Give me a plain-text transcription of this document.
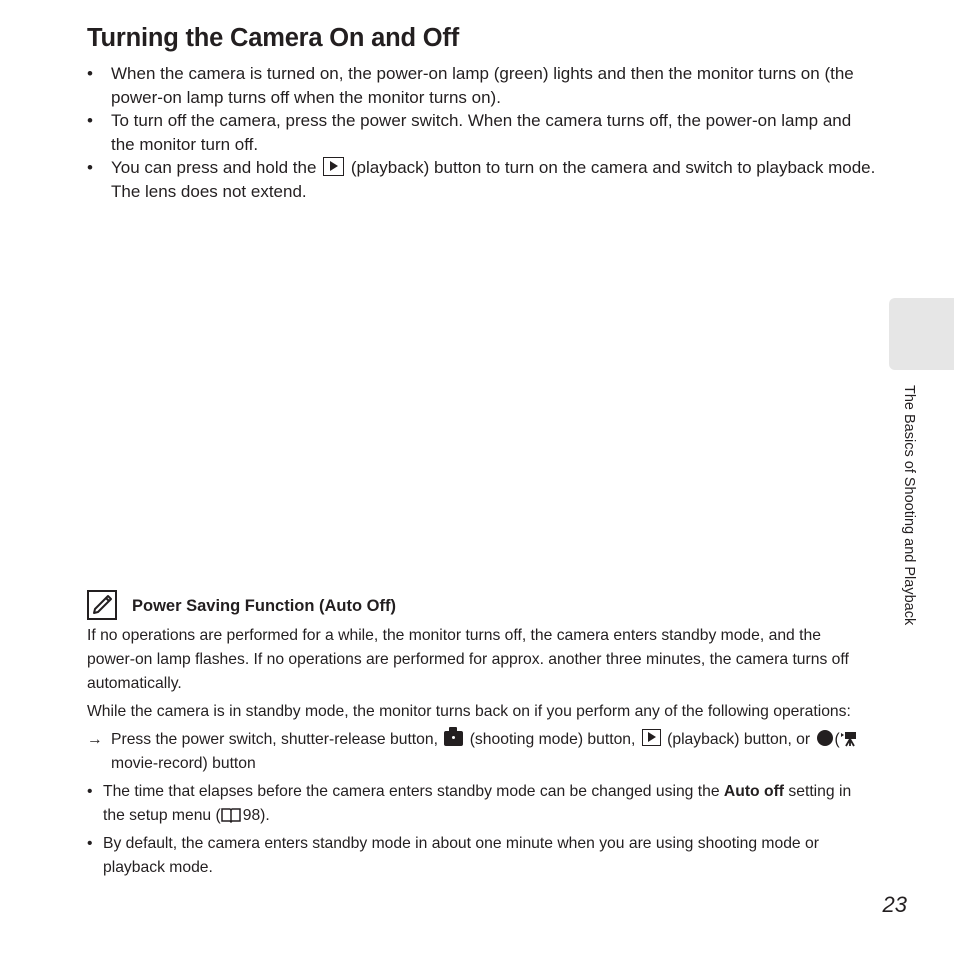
Turning the Camera On and Off
• When the camera is turned on, the power-on lamp (green) lights and then the monitor turns on (the power-on lamp turns off when the monitor turns on).
• To turn off the camera, press the power switch. When the camera turns off, the power-on lamp and the monitor turn off.
• You can press and hold the (playback) button to turn on the camera and switch to playback mode. The lens does not extend.
The Basics of Shooting and Playback
Power Saving Function (Auto Off)

If no operations are performed for a while, the monitor turns off, the camera enters standby mode, and the power-on lamp flashes. If no operations are performed for approx. another three minutes, the camera turns off automatically.

While the camera is in standby mode, the monitor turns back on if you perform any of the following operations:

→ Press the power switch, shutter-release button, (shooting mode) button, (playback) button, or ( movie-record) button
• The time that elapses before the camera enters standby mode can be changed using the Auto off setting in the setup menu ( 98).
• By default, the camera enters standby mode in about one minute when you are using shooting mode or playback mode.
23
